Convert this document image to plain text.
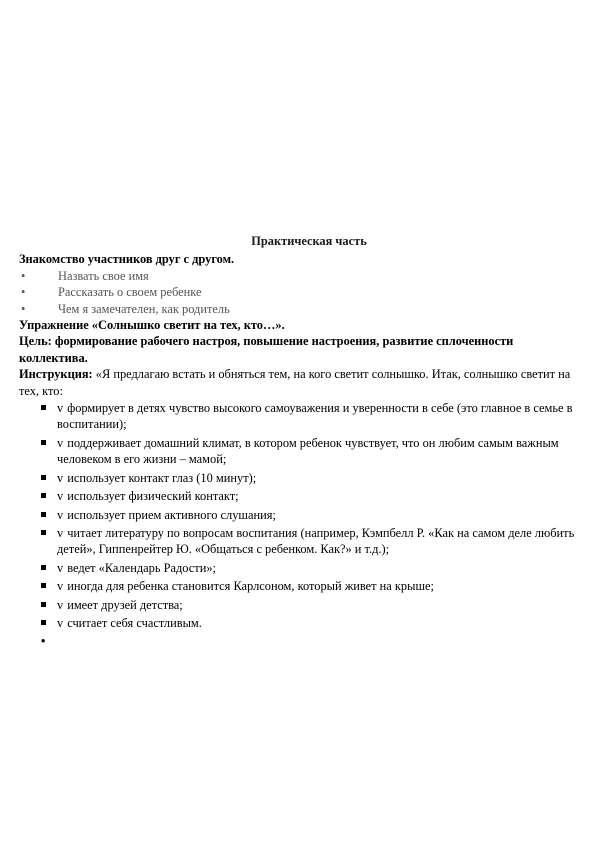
Практическая часть
Знакомство участников друг с другом.
•	Назвать свое имя
•	Рассказать о своем ребенке
•	Чем я замечателен, как родитель
Упражнение «Солнышко светит на тех, кто…».
Цель: формирование рабочего настроя, повышение настроения, развитие сплоченности коллектива.
Инструкция: «Я предлагаю встать и обняться тем, на кого светит солнышко. Итак, солнышко светит на тех, кто:
v формирует в детях чувство высокого самоуважения и уверенности в себе (это главное в семье в воспитании);
v поддерживает домашний климат, в котором ребенок чувствует, что он любим самым важным человеком в его жизни – мамой;
v использует контакт глаз (10 минут);
v использует физический контакт;
v использует прием активного слушания;
v читает литературу по вопросам воспитания (например, Кэмпбелл Р. «Как на самом деле любить детей», Гиппенрейтер Ю. «Общаться с ребенком. Как?» и т.д.);
v ведет «Календарь Радости»;
v иногда для ребенка становится Карлсоном, который живет на крыше;
v имеет друзей детства;
v считает себя счастливым.
•
